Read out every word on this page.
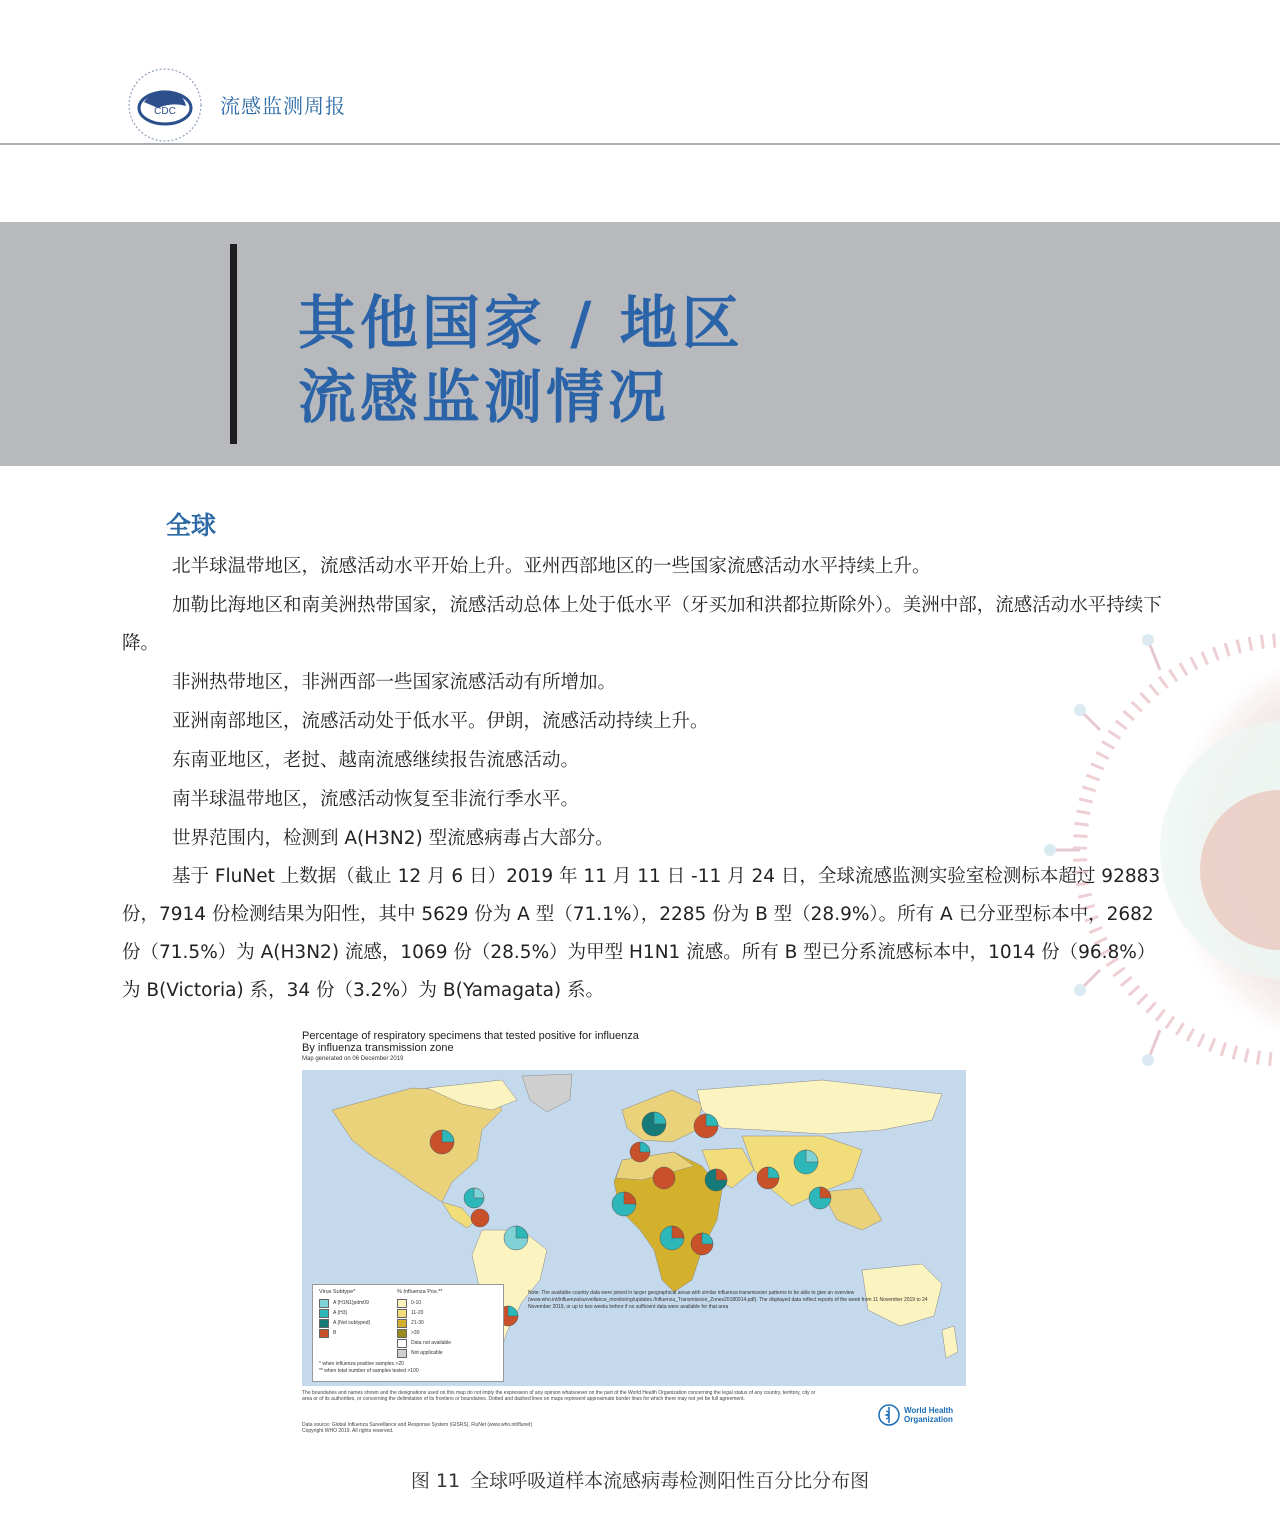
CDC 流感监测周报
其他国家 / 地区
流感监测情况
全球
北半球温带地区，流感活动水平开始上升。亚州西部地区的一些国家流感活动水平持续上升。
加勒比海地区和南美洲热带国家，流感活动总体上处于低水平（牙买加和洪都拉斯除外）。美洲中部，流感活动水平持续下降。
非洲热带地区，非洲西部一些国家流感活动有所增加。
亚洲南部地区，流感活动处于低水平。伊朗，流感活动持续上升。
东南亚地区，老挝、越南流感继续报告流感活动。
南半球温带地区，流感活动恢复至非流行季水平。
世界范围内，检测到 A(H3N2) 型流感病毒占大部分。
基于 FluNet 上数据（截止 12 月 6 日）2019 年 11 月 11 日 -11 月 24 日，全球流感监测实验室检测标本超过 92883 份，7914 份检测结果为阳性，其中 5629 份为 A 型（71.1%），2285 份为 B 型（28.9%）。所有 A 已分亚型标本中，2682 份（71.5%）为 A(H3N2) 流感，1069 份（28.5%）为甲型 H1N1 流感。所有 B 型已分系流感标本中，1014 份（96.8%）为 B(Victoria) 系，34 份（3.2%）为 B(Yamagata) 系。
Percentage of respiratory specimens that tested positive for influenza
By influenza transmission zone
Map generated on 06 December 2019
Virus Subtype*
A (H1N1)pdm09
A (H3)
A (Not subtyped)
B
% Influenza Pos.**
0-10
11-20
21-30
>30
Data not available
Not applicable
* when influenza positive samples >20
** when total number of samples tested >100
Note: The available country data were joined in larger geographical areas with similar influenza transmission patterns to be able to give an overview (www.who.int/influenza/surveillance_monitoring/updates /Influenza_Transmission_Zones20180914.pdf). The displayed data reflect reports of the week from 11 November 2019 to 24 November 2019, or up to two weeks before if no sufficient data were available for that area
The boundaries and names shown and the designations used on this map do not imply the expression of any opinion whatsoever on the part of the World Health Organization concerning the legal status of any country, territory, city or area or of its authorities, or concerning the delimitation of its frontiers or boundaries. Dotted and dashed lines on maps represent approximate border lines for which there may not yet be full agreement.
Data source: Global Influenza Surveillance and Response System (GISRS), FluNet (www.who.int/flunet)
Copyright WHO 2019. All rights reserved.
World Health
Organization
图 11 全球呼吸道样本流感病毒检测阳性百分比分布图
